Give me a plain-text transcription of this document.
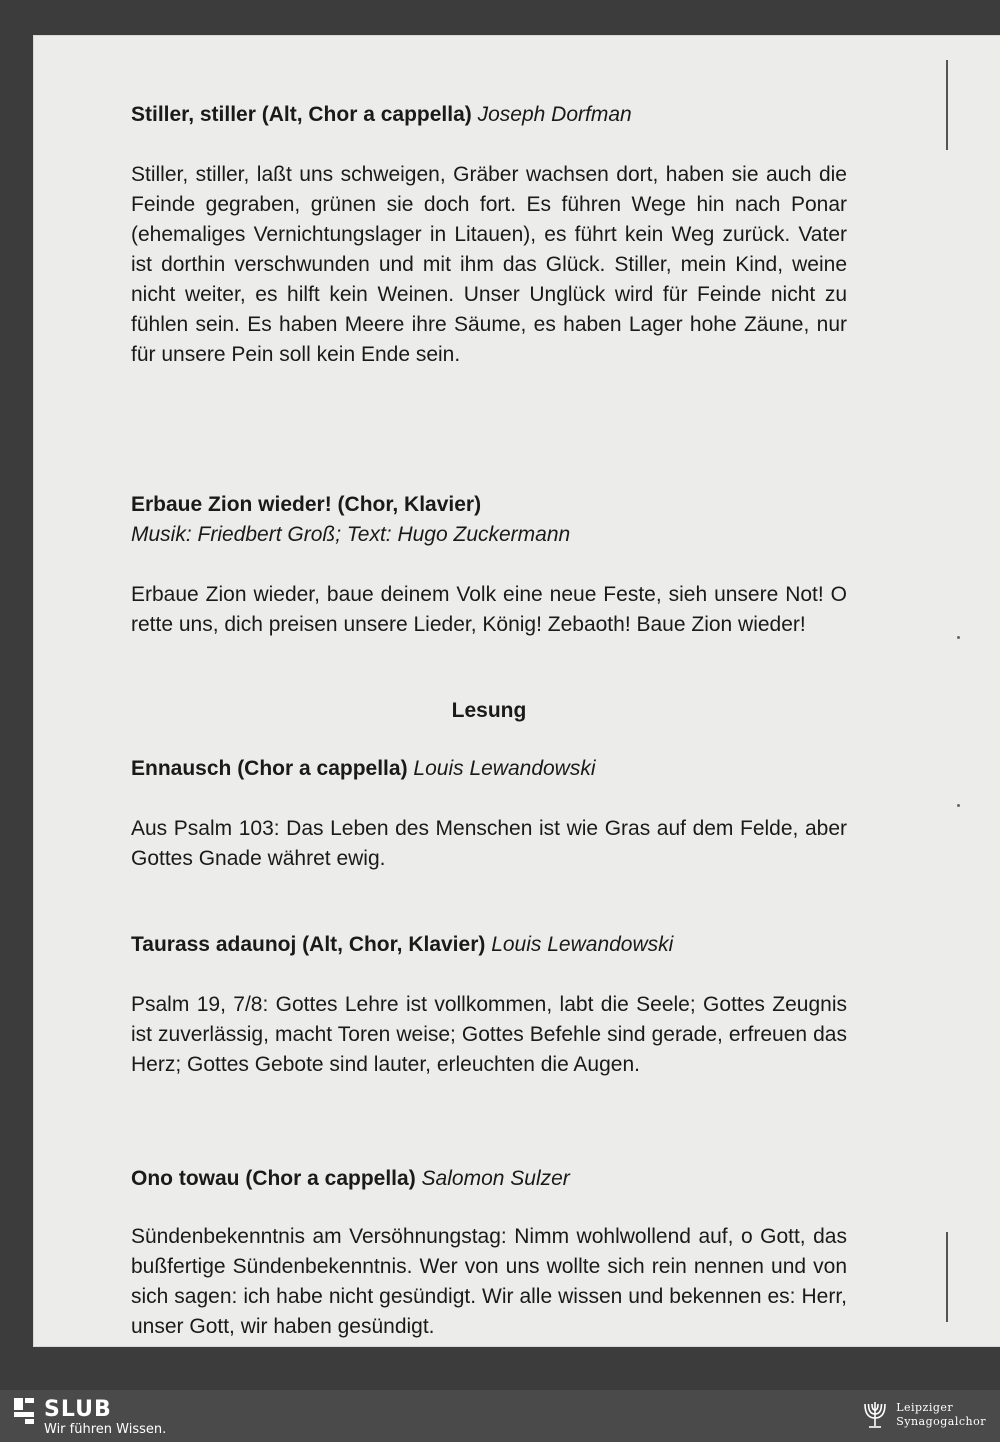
Stiller, stiller (Alt, Chor a cappella) Joseph Dorfman

Stiller, stiller, laßt uns schweigen, Gräber wachsen dort, haben sie auch die Feinde gegraben, grünen sie doch fort. Es führen Wege hin nach Ponar (ehemaliges Vernichtungslager in Litauen), es führt kein Weg zurück. Vater ist dorthin verschwunden und mit ihm das Glück. Stiller, mein Kind, weine nicht weiter, es hilft kein Weinen. Unser Unglück wird für Feinde nicht zu fühlen sein. Es haben Meere ihre Säume, es haben Lager hohe Zäune, nur für unsere Pein soll kein Ende sein.

Erbaue Zion wieder! (Chor, Klavier)

Musik: Friedbert Groß; Text: Hugo Zuckermann

Erbaue Zion wieder, baue deinem Volk eine neue Feste, sieh unsere Not! O rette uns, dich preisen unsere Lieder, König! Zebaoth! Baue Zion wieder!

Lesung

Ennausch (Chor a cappella) Louis Lewandowski

Aus Psalm 103: Das Leben des Menschen ist wie Gras auf dem Felde, aber Gottes Gnade währet ewig.

Taurass adaunoj (Alt, Chor, Klavier) Louis Lewandowski

Psalm 19, 7/8: Gottes Lehre ist vollkommen, labt die Seele; Gottes Zeugnis ist zuverlässig, macht Toren weise; Gottes Befehle sind gerade, erfreuen das Herz; Gottes Gebote sind lauter, erleuchten die Augen.

Ono towau (Chor a cappella) Salomon Sulzer

Sündenbekenntnis am Versöhnungstag: Nimm wohlwollend auf, o Gott, das bußfertige Sündenbekenntnis. Wer von uns wollte sich rein nennen und von sich sagen: ich habe nicht gesündigt. Wir alle wissen und bekennen es: Herr, unser Gott, wir haben gesündigt.

SLUB
Wir führen Wissen.
Leipziger
Synagogalchor
